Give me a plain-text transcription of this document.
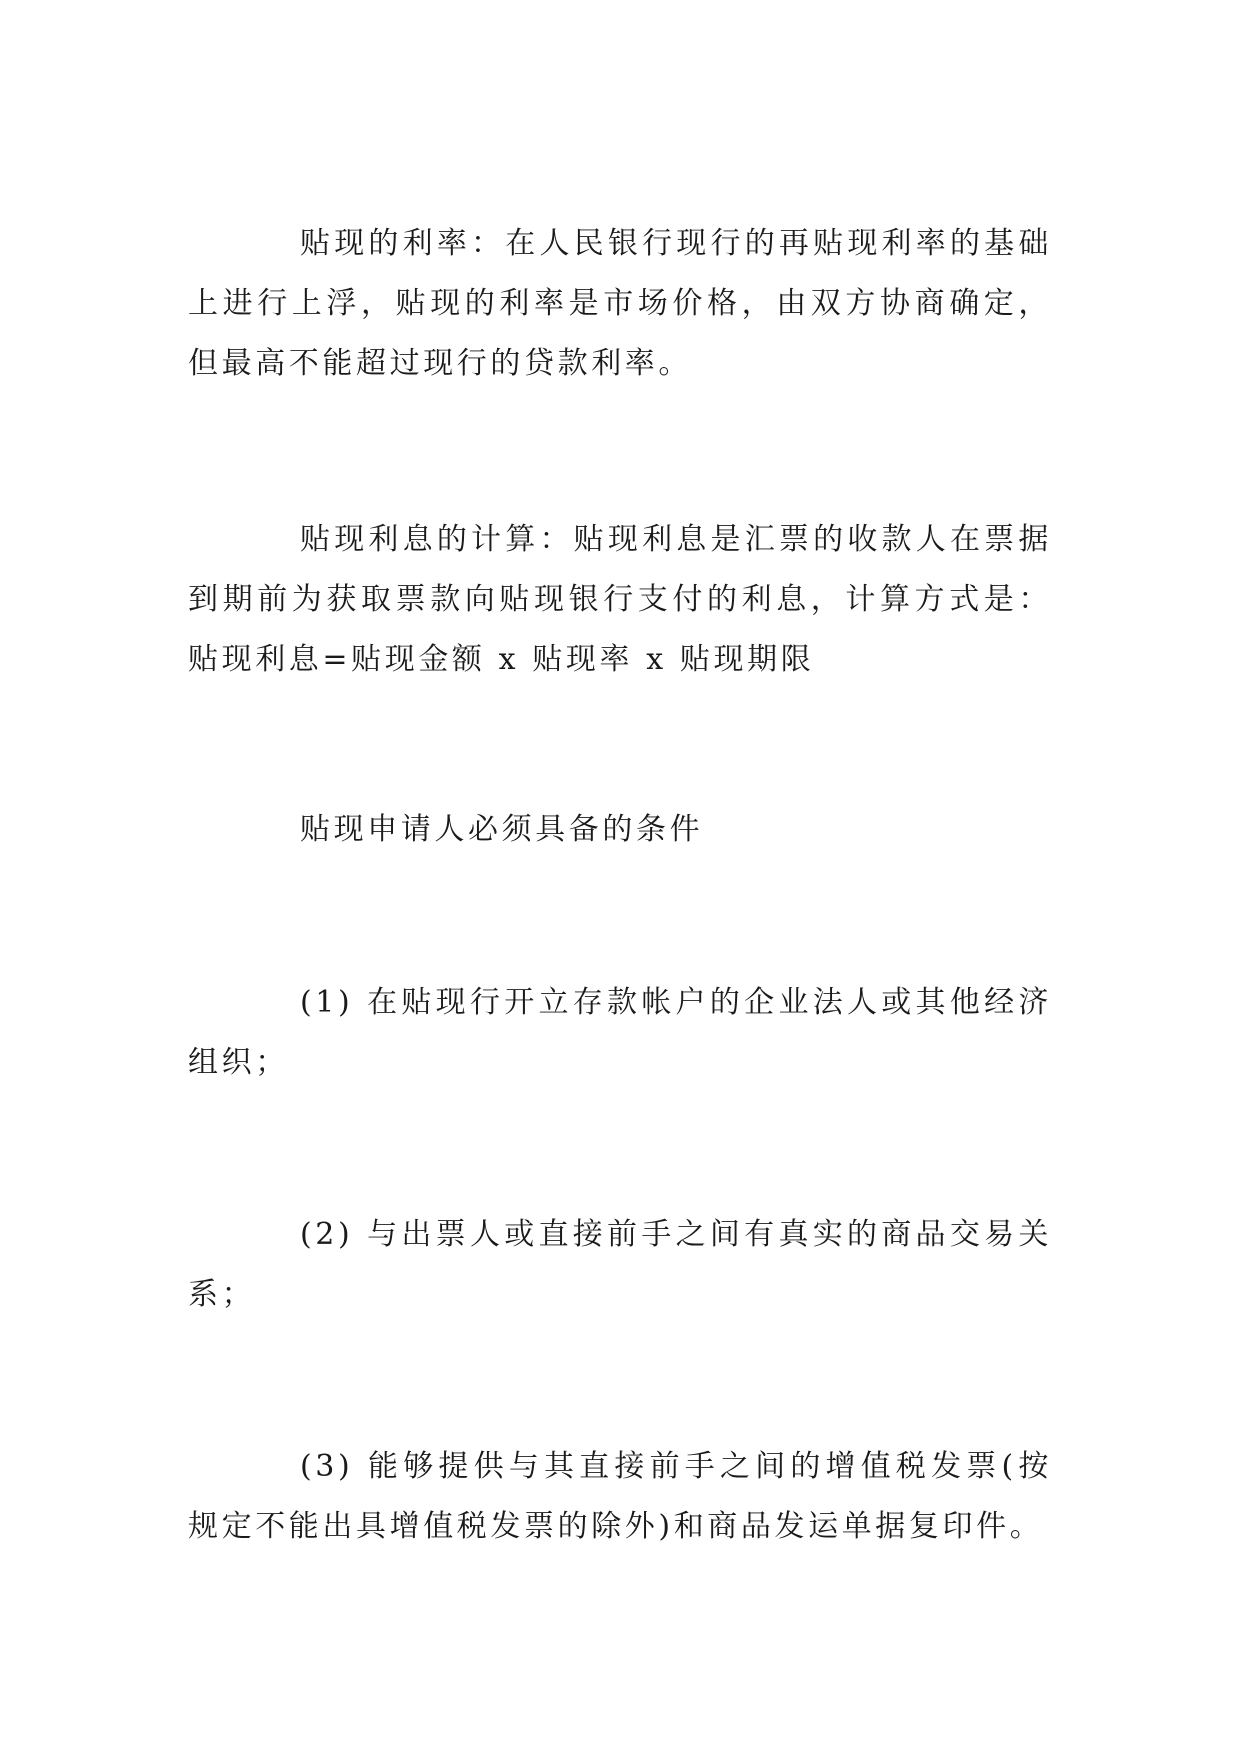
贴现的利率：在人民银行现行的再贴现利率的基础上进行上浮，贴现的利率是市场价格，由双方协商确定，但最高不能超过现行的贷款利率。

贴现利息的计算：贴现利息是汇票的收款人在票据到期前为获取票款向贴现银行支付的利息，计算方式是：贴现利息=贴现金额 x 贴现率 x 贴现期限

贴现申请人必须具备的条件

(1) 在贴现行开立存款帐户的企业法人或其他经济组织；

(2) 与出票人或直接前手之间有真实的商品交易关系；

(3) 能够提供与其直接前手之间的增值税发票(按规定不能出具增值税发票的除外)和商品发运单据复印件。
